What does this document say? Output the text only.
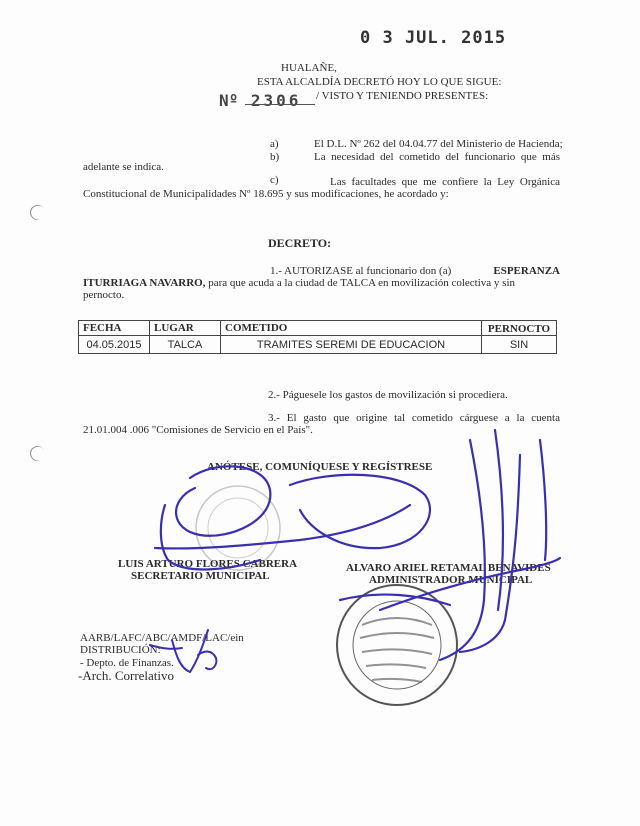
0 3 JUL. 2015
HUALAÑE,
ESTA ALCALDÍA DECRETÓ HOY LO QUE SIGUE:
Nº 2306 / VISTO Y TENIENDO PRESENTES:
a)	El D.L. Nº 262 del 04.04.77 del Ministerio de Hacienda;
b)	La necesidad del cometido del funcionario que más
adelante se indica.
c)	Las facultades que me confiere la Ley Orgánica
Constitucional de Municipalidades Nº 18.695 y sus modificaciones, he acordado y:
DECRETO:
1.- AUTORIZASE al funcionario don (a)	ESPERANZA
ITURRIAGA NAVARRO, para que acuda a la ciudad de TALCA en movilización colectiva y sin
pernocto.
FECHA	LUGAR	COMETIDO	PERNOCTO
04.05.2015	TALCA	TRAMITES SEREMI DE EDUCACION	SIN
2.- Páguesele los gastos de movilización si procediera.
3.- El gasto que origine tal cometido cárguese a la cuenta
21.01.004 .006 "Comisiones de Servicio en el País".
ANÓTESE, COMUNÍQUESE Y REGÍSTRESE
LUIS ARTURO FLORES CABRERA
SECRETARIO MUNICIPAL
ALVARO ARIEL RETAMAL BENAVIDES
ADMINISTRADOR MUNICIPAL
AARB/LAFC/ABC/AMDF/LAC/ein
DISTRIBUCIÓN:
- Depto. de Finanzas.
-Arch. Correlativo
